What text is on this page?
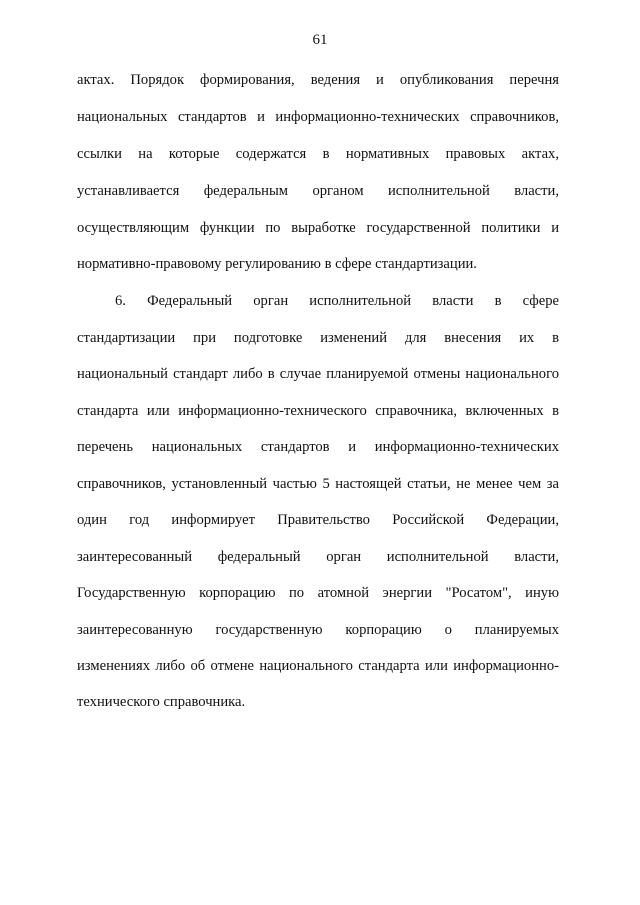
61
актах. Порядок формирования, ведения и опубликования перечня
национальных стандартов и информационно-технических справочников,
ссылки на которые содержатся в нормативных правовых актах,
устанавливается федеральным органом исполнительной власти,
осуществляющим функции по выработке государственной политики и
нормативно-правовому регулированию в сфере стандартизации.
6. Федеральный орган исполнительной власти в сфере
стандартизации при подготовке изменений для внесения их в
национальный стандарт либо в случае планируемой отмены национального
стандарта или информационно-технического справочника, включенных в
перечень национальных стандартов и информационно-технических
справочников, установленный частью 5 настоящей статьи, не менее чем за
один год информирует Правительство Российской Федерации,
заинтересованный федеральный орган исполнительной власти,
Государственную корпорацию по атомной энергии "Росатом", иную
заинтересованную государственную корпорацию о планируемых
изменениях либо об отмене национального стандарта или информационно-
технического справочника.
